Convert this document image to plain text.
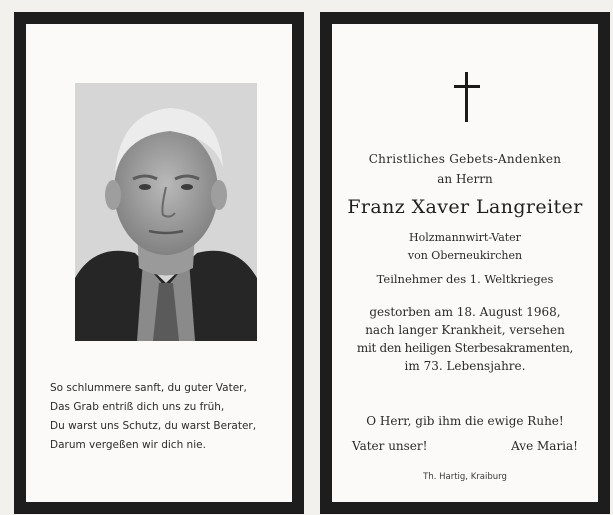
So schlummere sanft, du guter Vater,
Das Grab entriß dich uns zu früh,
Du warst uns Schutz, du warst Berater,
Darum vergeßen wir dich nie.
Christliches Gebets-Andenken
an Herrn
Franz Xaver Langreiter
Holzmannwirt-Vater
von Oberneukirchen
Teilnehmer des 1. Weltkrieges
gestorben am 18. August 1968,
nach langer Krankheit, versehen
mit den heiligen Sterbesakramenten,
im 73. Lebensjahre.
O Herr, gib ihm die ewige Ruhe!
Vater unser!	Ave Maria!
Th. Hartig, Kraiburg
